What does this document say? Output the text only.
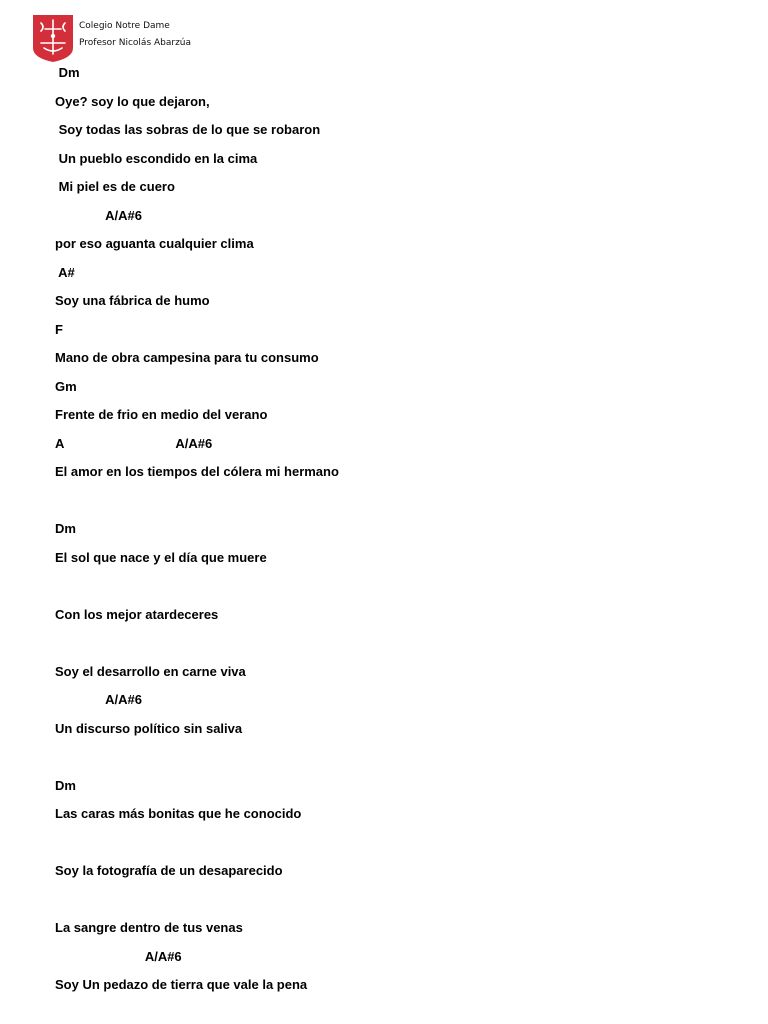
Colegio Notre Dame
Profesor Nicolás Abarzúa
Dm
Oye? soy lo que dejaron,
Soy todas las sobras de lo que se robaron
Un pueblo escondido en la cima
Mi piel es de cuero
A/A#6
por eso aguanta cualquier clima
A#
Soy una fábrica de humo
F
Mano de obra campesina para tu consumo
Gm
Frente de frio en medio del verano
A                               A/A#6
El amor en los tiempos del cólera mi hermano
Dm
El sol que nace y el día que muere
Con los mejor atardeceres
Soy el desarrollo en carne viva
A/A#6
Un discurso político sin saliva
Dm
Las caras más bonitas que he conocido
Soy la fotografía de un desaparecido
La sangre dentro de tus venas
A/A#6
Soy Un pedazo de tierra que vale la pena
